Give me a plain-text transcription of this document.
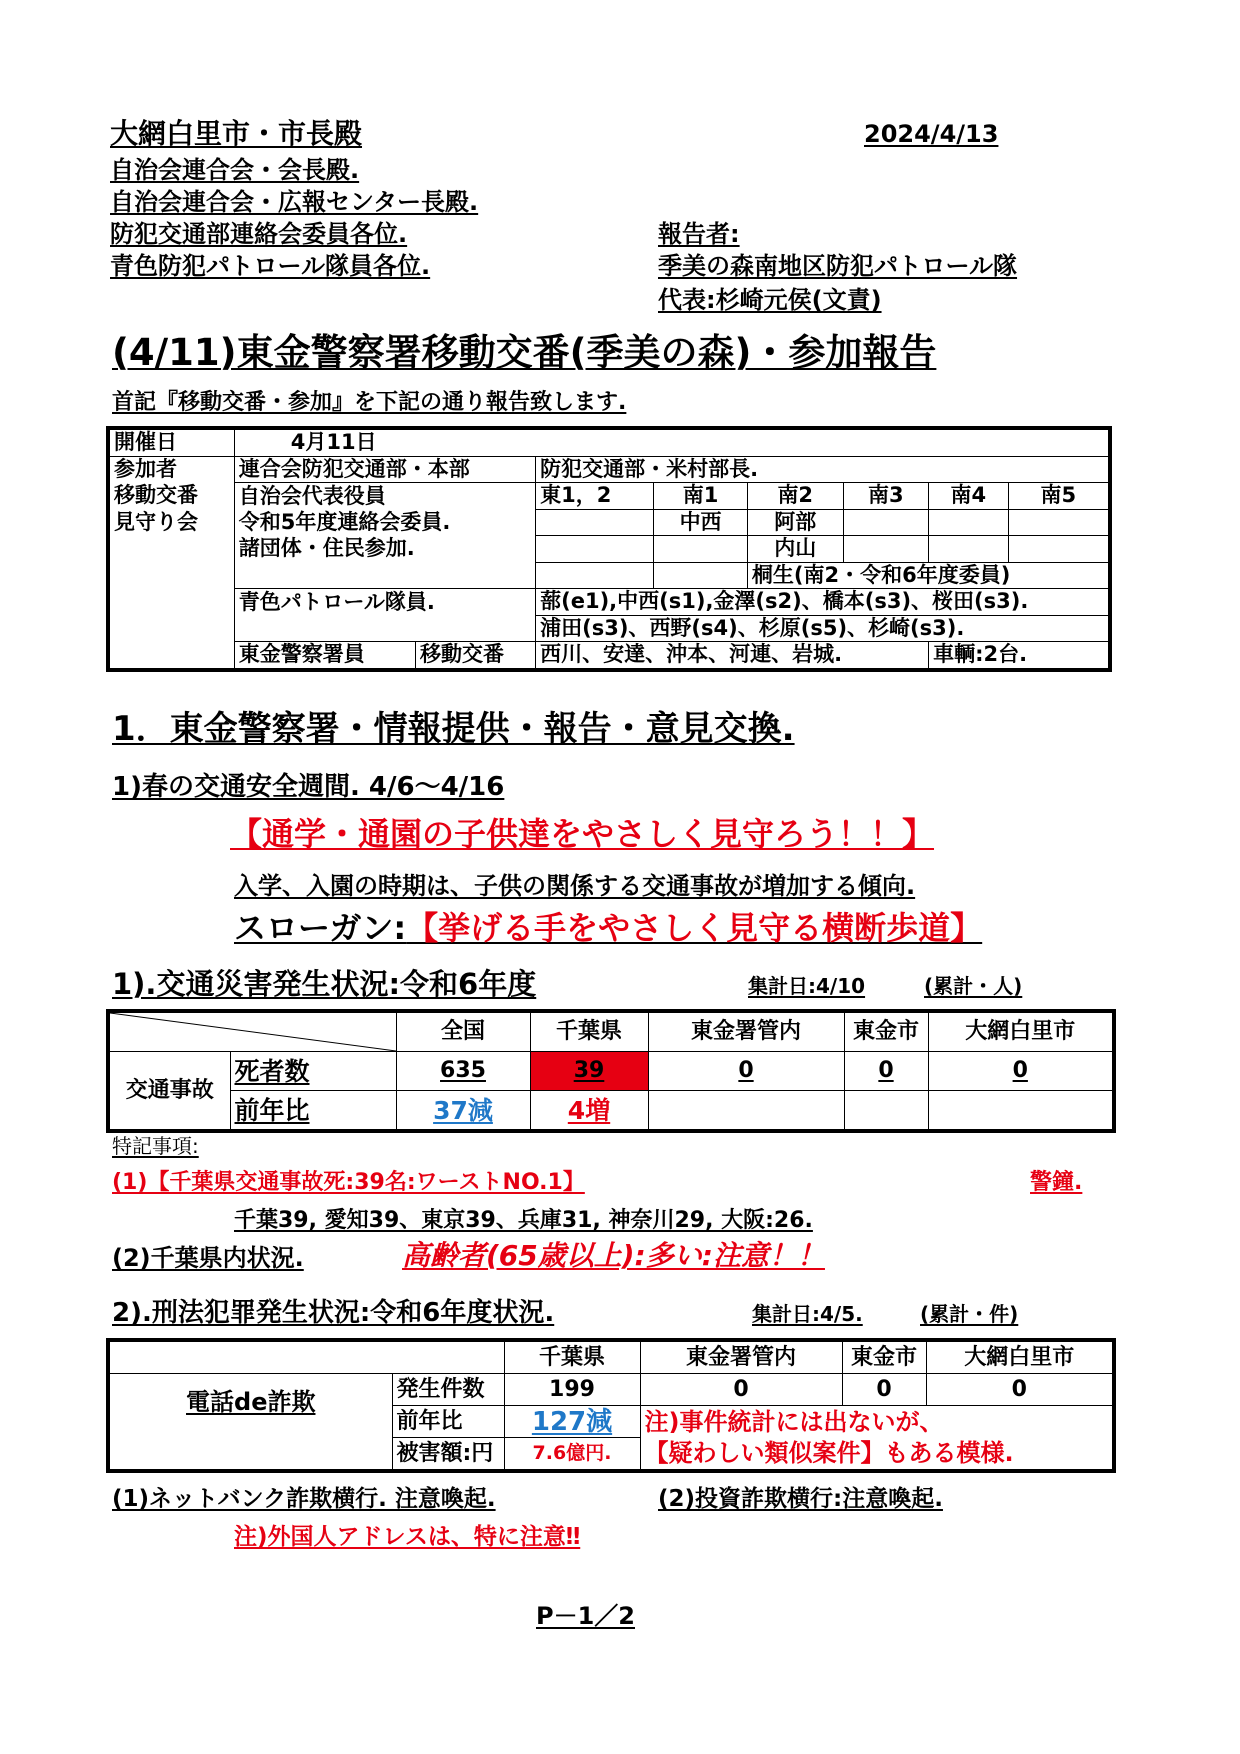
大網白里市・市長殿
自治会連合会・会長殿.
自治会連合会・広報センター長殿.
防犯交通部連絡会委員各位.
青色防犯パトロール隊員各位.
2024/4/13
報告者:
季美の森南地区防犯パトロール隊
代表:杉崎元侯(文責)
(4/11)東金警察署移動交番(季美の森)・参加報告
首記『移動交番・参加』を下記の通り報告致します.
開催日	4月11日							
参加者	連合会防犯交通部・本部		防犯交通部・米村部長.					
移動交番	自治会代表役員		東1，2	南1	南2	南3	南4	南5
見守り会	令和5年度連絡会委員.			中西	阿部			
	諸団体・住民参加.				内山			
					桐生(南2・令和6年度委員)			
	青色パトロール隊員.		蔀(e1),中西(s1),金澤(s2)、橋本(s3)、桜田(s3).					
			浦田(s3)、西野(s4)、杉原(s5)、杉崎(s3).					
	東金警察署員	移動交番	西川、安達、沖本、河連、岩城.				車輌:2台.	
1．東金警察署・情報提供・報告・意見交換.
1)春の交通安全週間. 4/6～4/16
【通学・通園の子供達をやさしく見守ろう！！】
入学、入園の時期は、子供の関係する交通事故が増加する傾向.
スローガン:【挙げる手をやさしく見守る横断歩道】
1).交通災害発生状況:令和6年度	集計日:4/10	(累計・人)
	全国	千葉県	東金署管内	東金市	大網白里市
交通事故	死者数	635	39	0	0	0
	前年比	37減	4増			
特記事項:
(1)【千葉県交通事故死:39名:ワーストNO.1】	警鐘.
千葉39, 愛知39、東京39、兵庫31, 神奈川29, 大阪:26.
(2)千葉県内状況.	高齢者(65歳以上):多い:注意！！
2).刑法犯罪発生状況:令和6年度状況.	集計日:4/5.	(累計・件)
		千葉県	東金署管内	東金市	大網白里市
電話de詐欺	発生件数	199	0	0	0
	前年比	127減	注)事件統計には出ないが、		
	被害額:円	7.6億円.	【疑わしい類似案件】もある模様.		
(1)ネットバンク詐欺横行. 注意喚起.	(2)投資詐欺横行:注意喚起.
注)外国人アドレスは、特に注意‼
P－1／2
